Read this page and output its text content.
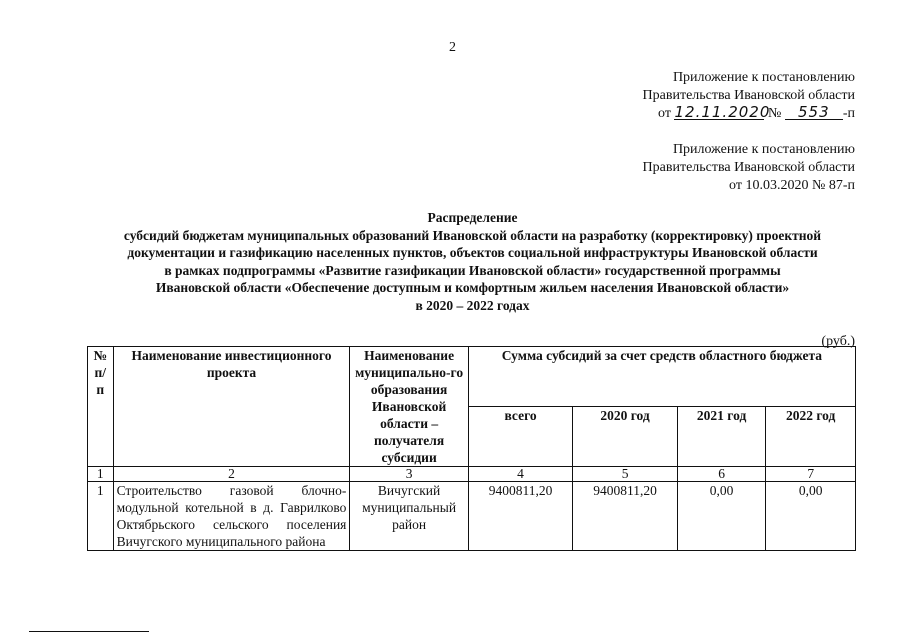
2
Приложение к постановлению
Правительства Ивановской области
от 12.11.2020 № 553 -п
Приложение к постановлению
Правительства Ивановской области
от 10.03.2020 № 87-п
Распределение
субсидий бюджетам муниципальных образований Ивановской области на разработку (корректировку) проектной
документации и газификацию населенных пунктов, объектов социальной инфраструктуры Ивановской области
в рамках подпрограммы «Развитие газификации Ивановской области» государственной программы
Ивановской области «Обеспечение доступным и комфортным жильем населения Ивановской области»
в 2020 – 2022 годах
(руб.)
№ п/п	Наименование инвестиционного проекта	Наименование муниципально-го образования Ивановской области – получателя субсидии	Сумма субсидий за счет средств областного бюджета			
			всего	2020 год	2021 год	2022 год
1	2	3	4	5	6	7
1	Строительство газовой блочно-модульной котельной в д. Гаврилково Октябрьского сельского поселения Вичугского муниципального района	Вичугский муниципальный район	9400811,20	9400811,20	0,00	0,00
